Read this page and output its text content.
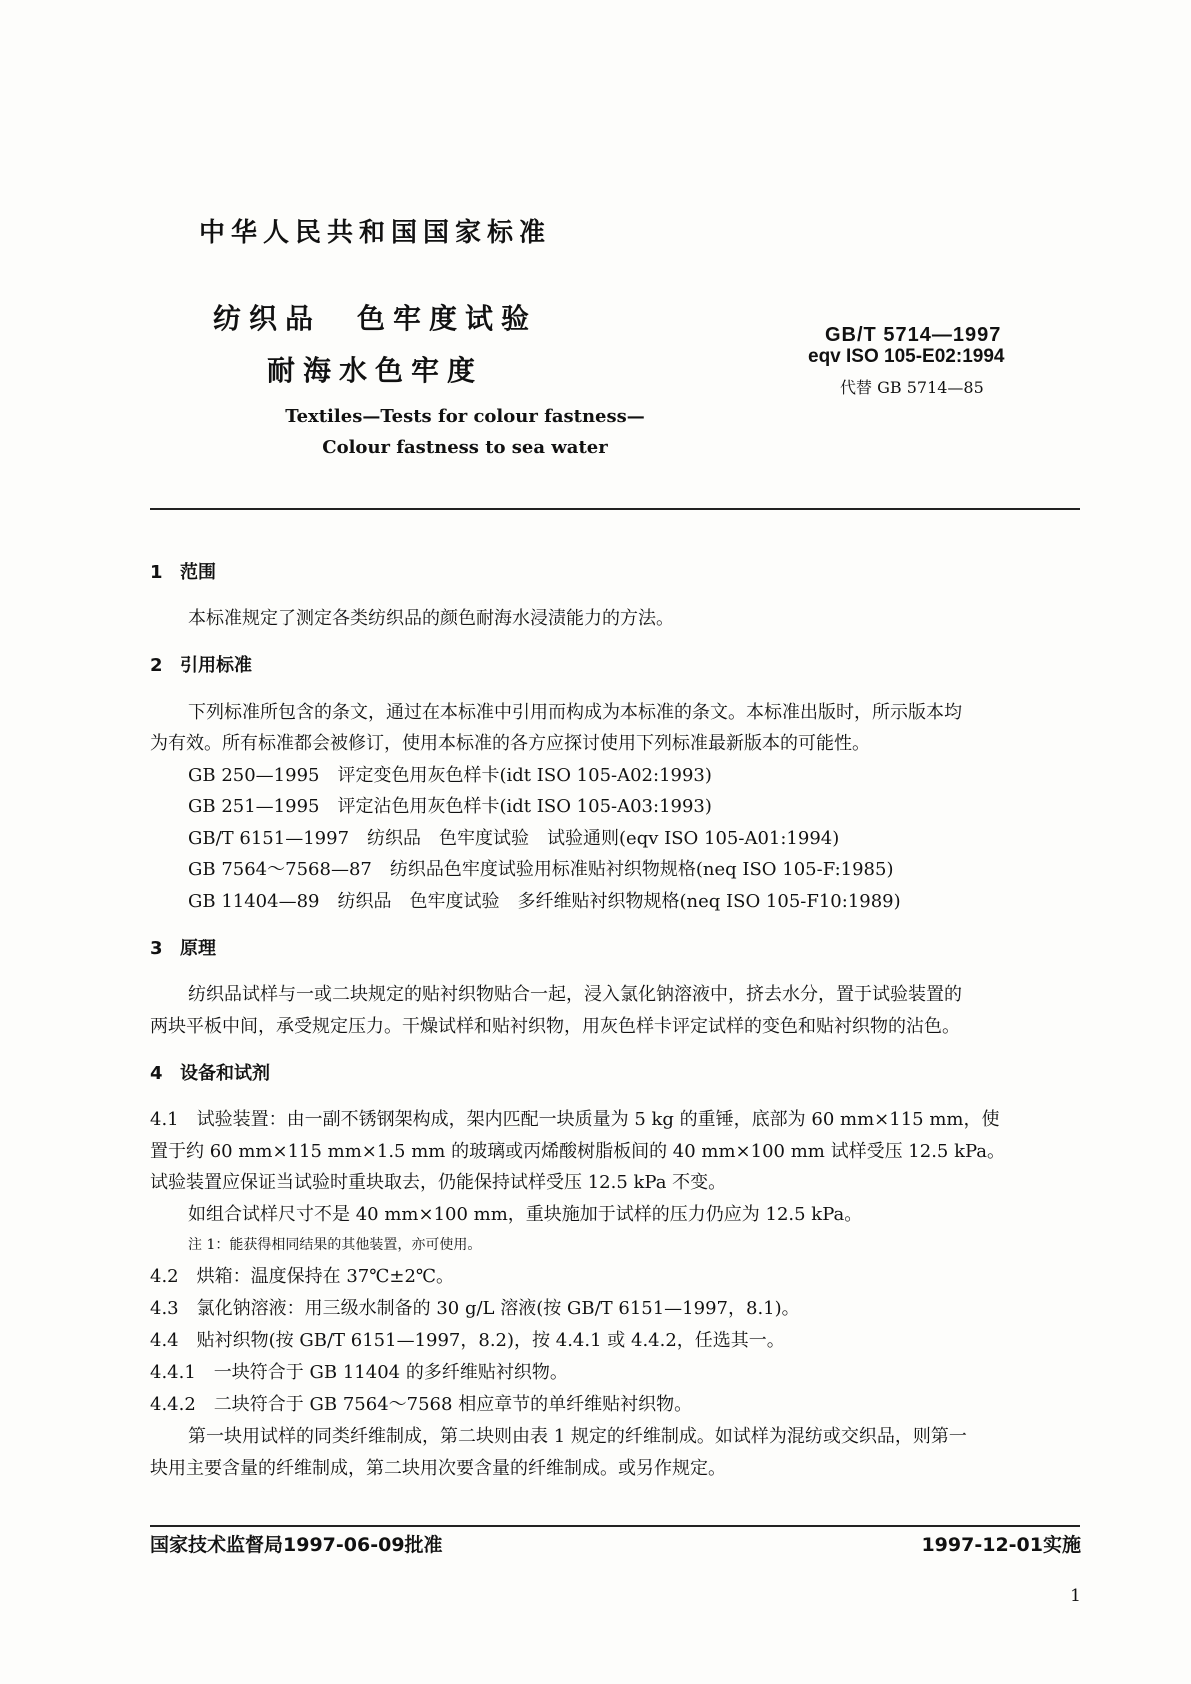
中华人民共和国国家标准
纺织品　色牢度试验
耐海水色牢度
GB/T 5714—1997
eqv ISO 105-E02:1994
代替 GB 5714—85
Textiles—Tests for colour fastness—
Colour fastness to sea water
1 范围
本标准规定了测定各类纺织品的颜色耐海水浸渍能力的方法。
2 引用标准
下列标准所包含的条文，通过在本标准中引用而构成为本标准的条文。本标准出版时，所示版本均
为有效。所有标准都会被修订，使用本标准的各方应探讨使用下列标准最新版本的可能性。
GB 250—1995　评定变色用灰色样卡(idt ISO 105-A02:1993)
GB 251—1995　评定沾色用灰色样卡(idt ISO 105-A03:1993)
GB/T 6151—1997　纺织品　色牢度试验　试验通则(eqv ISO 105-A01:1994)
GB 7564～7568—87　纺织品色牢度试验用标准贴衬织物规格(neq ISO 105-F:1985)
GB 11404—89　纺织品　色牢度试验　多纤维贴衬织物规格(neq ISO 105-F10:1989)
3 原理
纺织品试样与一或二块规定的贴衬织物贴合一起，浸入氯化钠溶液中，挤去水分，置于试验装置的
两块平板中间，承受规定压力。干燥试样和贴衬织物，用灰色样卡评定试样的变色和贴衬织物的沾色。
4 设备和试剂
4.1　试验装置：由一副不锈钢架构成，架内匹配一块质量为 5 kg 的重锤，底部为 60 mm×115 mm，使
置于约 60 mm×115 mm×1.5 mm 的玻璃或丙烯酸树脂板间的 40 mm×100 mm 试样受压 12.5 kPa。
试验装置应保证当试验时重块取去，仍能保持试样受压 12.5 kPa 不变。
如组合试样尺寸不是 40 mm×100 mm，重块施加于试样的压力仍应为 12.5 kPa。
注 1：能获得相同结果的其他装置，亦可使用。
4.2　烘箱：温度保持在 37℃±2℃。
4.3　氯化钠溶液：用三级水制备的 30 g/L 溶液(按 GB/T 6151—1997，8.1)。
4.4　贴衬织物(按 GB/T 6151—1997，8.2)，按 4.4.1 或 4.4.2，任选其一。
4.4.1　一块符合于 GB 11404 的多纤维贴衬织物。
4.4.2　二块符合于 GB 7564～7568 相应章节的单纤维贴衬织物。
第一块用试样的同类纤维制成，第二块则由表 1 规定的纤维制成。如试样为混纺或交织品，则第一
块用主要含量的纤维制成，第二块用次要含量的纤维制成。或另作规定。
国家技术监督局1997-06-09批准	1997-12-01实施
1
